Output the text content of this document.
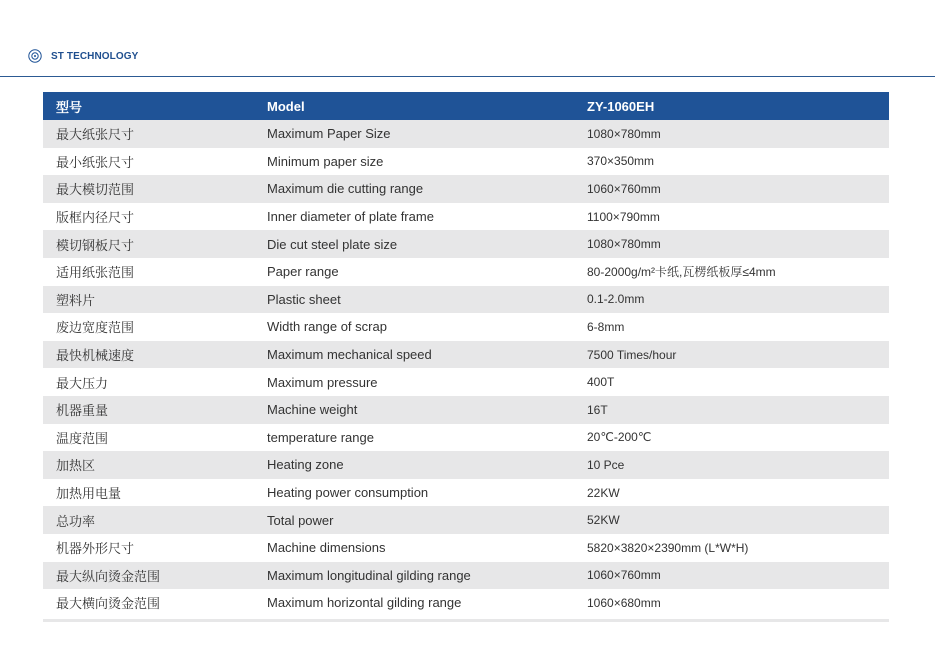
ST TECHNOLOGY
型号	Model	ZY-1060EH
最大纸张尺寸	Maximum Paper Size	1080×780mm
最小纸张尺寸	Minimum paper size	370×350mm
最大模切范围	Maximum die cutting range	1060×760mm
版框内径尺寸	Inner diameter of plate frame	1100×790mm
模切钢板尺寸	Die cut steel plate size	1080×780mm
适用纸张范围	Paper range	80-2000g/m²卡纸,瓦楞纸板厚≤4mm
塑料片	Plastic sheet	0.1-2.0mm
废边宽度范围	Width range of scrap	6-8mm
最快机械速度	Maximum mechanical speed	7500 Times/hour
最大压力	Maximum pressure	400T
机器重量	Machine weight	16T
温度范围	temperature range	20℃-200℃
加热区	Heating zone	10 Pce
加热用电量	Heating power consumption	22KW
总功率	Total power	52KW
机器外形尺寸	Machine dimensions	5820×3820×2390mm (L*W*H)
最大纵向烫金范围	Maximum longitudinal gilding range	1060×760mm
最大横向烫金范围	Maximum horizontal gilding range	1060×680mm
